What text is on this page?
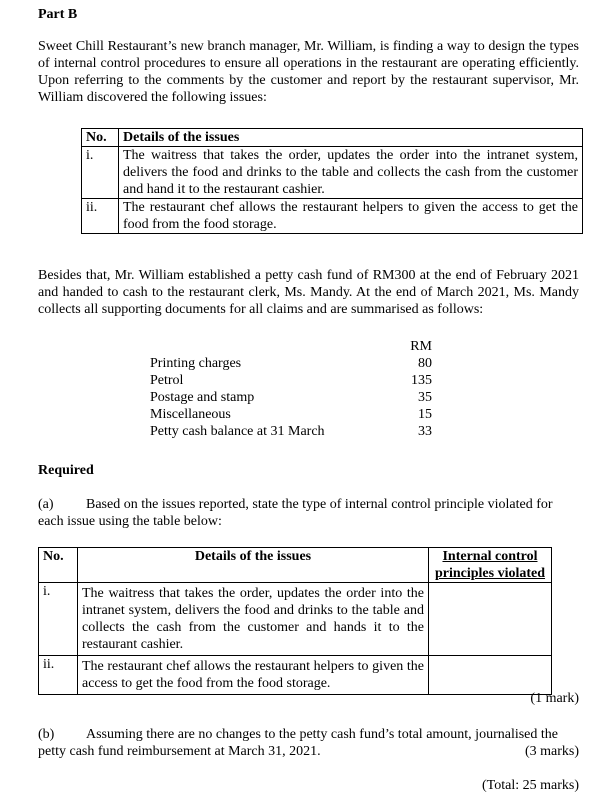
Part B
Sweet Chill Restaurant’s new branch manager, Mr. William, is finding a way to design the types of internal control procedures to ensure all operations in the restaurant are operating efficiently. Upon referring to the comments by the customer and report by the restaurant supervisor, Mr. William discovered the following issues:
No.	Details of the issues
i.	The waitress that takes the order, updates the order into the intranet system, delivers the food and drinks to the table and collects the cash from the customer and hand it to the restaurant cashier.
ii.	The restaurant chef allows the restaurant helpers to given the access to get the food from the food storage.
Besides that, Mr. William established a petty cash fund of RM300 at the end of February 2021 and handed to cash to the restaurant clerk, Ms. Mandy. At the end of March 2021, Ms. Mandy collects all supporting documents for all claims and are summarised as follows:
RM
Printing charges	80
Petrol	135
Postage and stamp	35
Miscellaneous	15
Petty cash balance at 31 March	33
Required
(a) Based on the issues reported, state the type of internal control principle violated for each issue using the table below:
No.	Details of the issues	Internal control principles violated
i.	The waitress that takes the order, updates the order into the intranet system, delivers the food and drinks to the table and collects the cash from the customer and hands it to the restaurant cashier.	
ii.	The restaurant chef allows the restaurant helpers to given the access to get the food from the food storage.	
(1 mark)
(b) Assuming there are no changes to the petty cash fund’s total amount, journalised the petty cash fund reimbursement at March 31, 2021.	(3 marks)
(Total: 25 marks)
